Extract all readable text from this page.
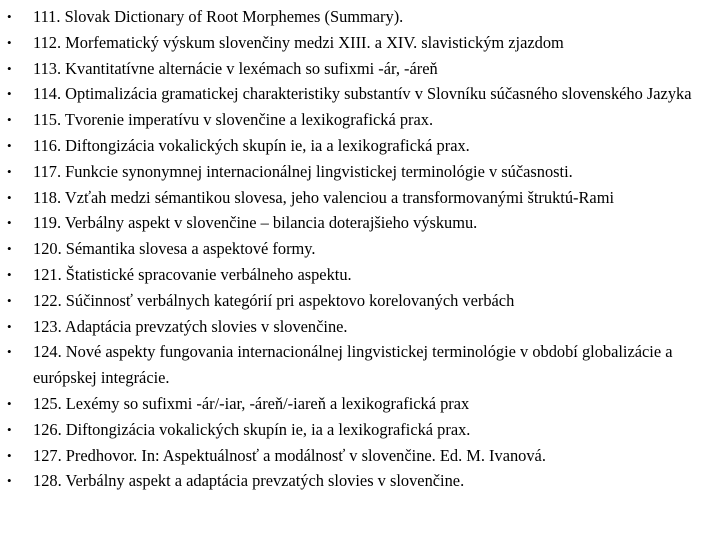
•	111. Slovak Dictionary of Root Morphemes (Summary).
•	112. Morfematický výskum slovenčiny medzi XIII. a XIV. slavistickým zjazdom
•	113. Kvantitatívne alternácie v lexémach so sufixmi -ár, -áreň
•	114. Optimalizácia gramatickej charakteristiky substantív v Slovníku súčasného slovenského Jazyka
•	115. Tvorenie imperatívu v slovenčine a lexikografická prax.
•	116. Diftongizácia vokalických skupín ie, ia a lexikografická prax.
•	117. Funkcie synonymnej internacionálnej lingvistickej terminológie v súčasnosti.
•	118. Vzťah medzi sémantikou slovesa, jeho valenciou a transformovanými štruktú-Rami
•	119. Verbálny aspekt v slovenčine – bilancia doterajšieho výskumu.
•	120. Sémantika slovesa a aspektové formy.
•	121. Štatistické spracovanie verbálneho aspektu.
•	122. Súčinnosť verbálnych kategórií pri aspektovo korelovaných verbách
•	123. Adaptácia prevzatých slovies v slovenčine.
•	124. Nové aspekty fungovania internacionálnej lingvistickej terminológie v období globalizácie a európskej integrácie.
•	125. Lexémy so sufixmi -ár/-iar, -áreň/-iareň a lexikografická prax
•	126. Diftongizácia vokalických skupín ie, ia a lexikografická prax.
•	127. Predhovor. In: Aspektuálnosť a modálnosť v slovenčine. Ed. M. Ivanová.
•	128. Verbálny aspekt a adaptácia prevzatých slovies v slovenčine.
